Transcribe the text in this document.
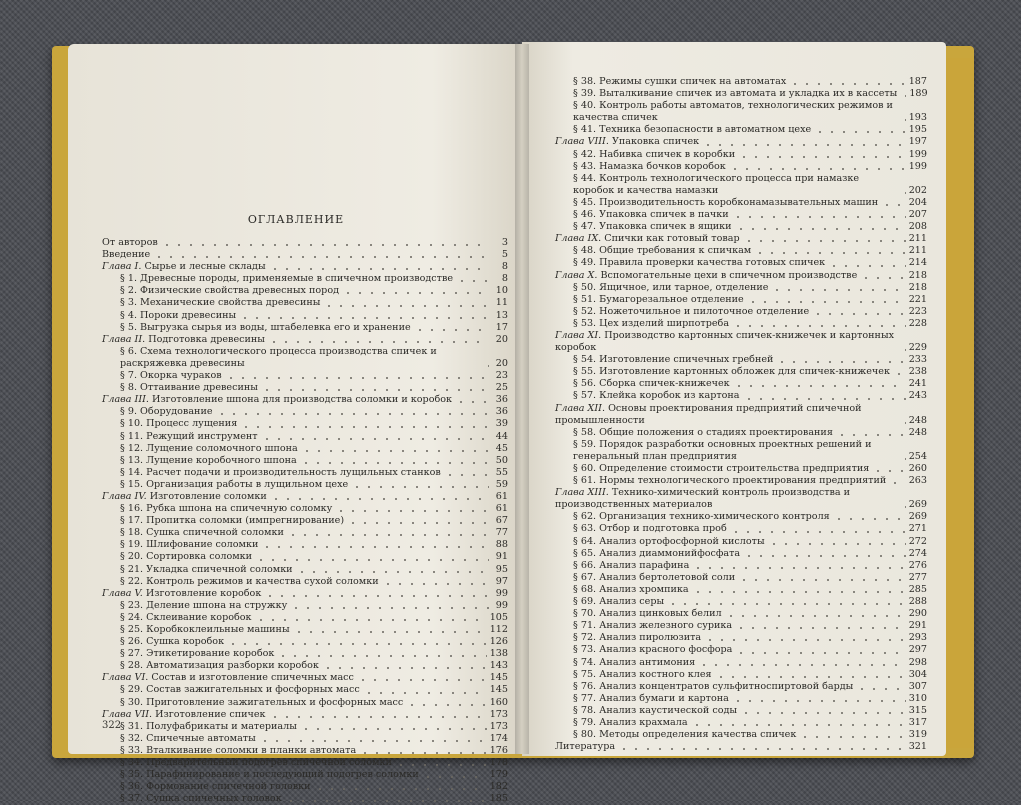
ОГЛАВЛЕНИЕ
От авторов	3
Введение	5
Глава I. Сырье и лесные склады	8
§ 1. Древесные породы, применяемые в спичечном производстве	8
§ 2. Физические свойства древесных пород	10
§ 3. Механические свойства древесины	11
§ 4. Пороки древесины	13
§ 5. Выгрузка сырья из воды, штабелевка его и хранение	17
Глава II. Подготовка древесины	20
§ 6. Схема технологического процесса производства спичек и раскряжевка древесины	20
§ 7. Окорка чураков	23
§ 8. Оттаивание древесины	25
Глава III. Изготовление шпона для производства соломки и коробок	36
§ 9. Оборудование	36
§ 10. Процесс лущения	39
§ 11. Режущий инструмент	44
§ 12. Лущение соломочного шпона	45
§ 13. Лущение коробочного шпона	50
§ 14. Расчет подачи и производительность лущильных станков	55
§ 15. Организация работы в лущильном цехе	59
Глава IV. Изготовление соломки	61
§ 16. Рубка шпона на спичечную соломку	61
§ 17. Пропитка соломки (импрегнирование)	67
§ 18. Сушка спичечной соломки	77
§ 19. Шлифование соломки	88
§ 20. Сортировка соломки	91
§ 21. Укладка спичечной соломки	95
§ 22. Контроль режимов и качества сухой соломки	97
Глава V. Изготовление коробок	99
§ 23. Деление шпона на стружку	99
§ 24. Склеивание коробок	105
§ 25. Коробкоклеильные машины	112
§ 26. Сушка коробок	126
§ 27. Этикетирование коробок	138
§ 28. Автоматизация разборки коробок	143
Глава VI. Состав и изготовление спичечных масс	145
§ 29. Состав зажигательных и фосфорных масс	145
§ 30. Приготовление зажигательных и фосфорных масс	160
Глава VII. Изготовление спичек	173
§ 31. Полуфабрикаты и материалы	173
§ 32. Спичечные автоматы	174
§ 33. Вталкивание соломки в планки автомата	176
§ 34. Предварительный подогрев спичечной соломки	178
§ 35. Парафинирование и последующий подогрев соломки	179
§ 36. Формование спичечной головки	182
§ 37. Сушка спичечных головок	185
322
§ 38. Режимы сушки спичек на автоматах	187
§ 39. Выталкивание спичек из автомата и укладка их в кассеты 189
§ 40. Контроль работы автоматов, технологических режимов и качества спичек	193
§ 41. Техника безопасности в автоматном цехе	195
Глава VIII. Упаковка спичек	197
§ 42. Набивка спичек в коробки	199
§ 43. Намазка бочков коробок	199
§ 44. Контроль технологического процесса при намазке коробок и качества намазки	202
§ 45. Производительность коробконамазывательных машин	204
§ 46. Упаковка спичек в пачки	207
§ 47. Упаковка спичек в ящики	208
Глава IX. Спички как готовый товар	211
§ 48. Общие требования к спичкам	211
§ 49. Правила проверки качества готовых спичек	214
Глава X. Вспомогательные цехи в спичечном производстве	218
§ 50. Ящичное, или тарное, отделение	218
§ 51. Бумагорезальное отделение	221
§ 52. Ножеточильное и пилоточное отделение	223
§ 53. Цех изделий ширпотреба	228
Глава XI. Производство картонных спичек-книжечек и картонных коробок	229
§ 54. Изготовление спичечных гребней	233
§ 55. Изготовление картонных обложек для спичек-книжечек 238
§ 56. Сборка спичек-книжечек	241
§ 57. Клейка коробок из картона	243
Глава XII. Основы проектирования предприятий спичечной промышленности	248
§ 58. Общие положения о стадиях проектирования	248
§ 59. Порядок разработки основных проектных решений и генеральный план предприятия	254
§ 60. Определение стоимости строительства предприятия	260
§ 61. Нормы технологического проектирования предприятий 263
Глава XIII. Технико-химический контроль производства и производственных материалов	269
§ 62. Организация технико-химического контроля	269
§ 63. Отбор и подготовка проб	271
§ 64. Анализ ортофосфорной кислоты	272
§ 65. Анализ диаммонийфосфата	274
§ 66. Анализ парафина	276
§ 67. Анализ бертолетовой соли	277
§ 68. Анализ хромпика	285
§ 69. Анализ серы	288
§ 70. Анализ цинковых белил	290
§ 71. Анализ железного сурика	291
§ 72. Анализ пиролюзита	293
§ 73. Анализ красного фосфора	297
§ 74. Анализ антимония	298
§ 75. Анализ костного клея	304
§ 76. Анализ концентратов сульфитноспиртовой барды	307
§ 77. Анализ бумаги и картона	310
§ 78. Анализ каустической соды	315
§ 79. Анализ крахмала	317
§ 80. Методы определения качества спичек	319
Литература	321
